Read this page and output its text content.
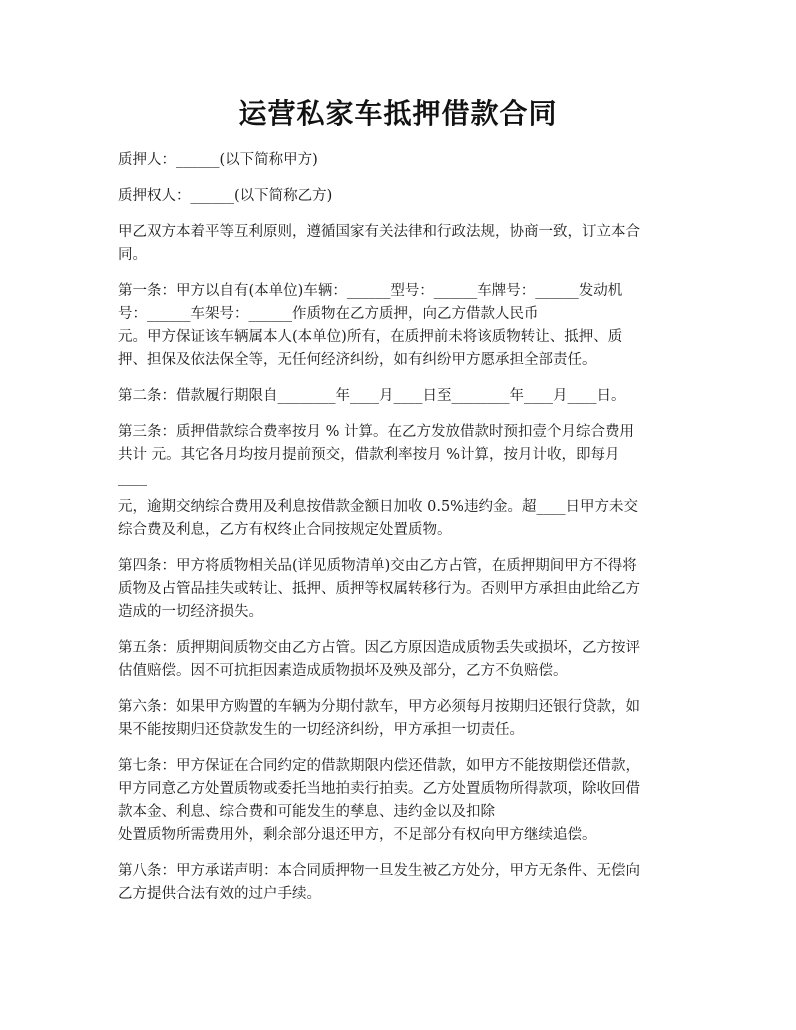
运营私家车抵押借款合同

质押人：______(以下简称甲方)

质押权人：______(以下简称乙方)

甲乙双方本着平等互利原则，遵循国家有关法律和行政法规，协商一致，订立本合
同。

第一条：甲方以自有(本单位)车辆：______型号：______车牌号：______发动机
号：______车架号：______作质物在乙方质押，向乙方借款人民币
元。甲方保证该车辆属本人(本单位)所有，在质押前未将该质物转让、抵押、质
押、担保及依法保全等，无任何经济纠纷，如有纠纷甲方愿承担全部责任。

第二条：借款履行期限自________年____月____日至________年____月____日。

第三条：质押借款综合费率按月 % 计算。在乙方发放借款时预扣壹个月综合费用
共计 元。其它各月均按月提前预交，借款利率按月 %计算，按月计收，即每月
____
元，逾期交纳综合费用及利息按借款金额日加收 0.5%违约金。超____日甲方未交
综合费及利息，乙方有权终止合同按规定处置质物。

第四条：甲方将质物相关品(详见质物清单)交由乙方占管，在质押期间甲方不得将
质物及占管品挂失或转让、抵押、质押等权属转移行为。否则甲方承担由此给乙方
造成的一切经济损失。

第五条：质押期间质物交由乙方占管。因乙方原因造成质物丢失或损坏，乙方按评
估值赔偿。因不可抗拒因素造成质物损坏及殃及部分，乙方不负赔偿。

第六条：如果甲方购置的车辆为分期付款车，甲方必须每月按期归还银行贷款，如
果不能按期归还贷款发生的一切经济纠纷，甲方承担一切责任。

第七条：甲方保证在合同约定的借款期限内偿还借款，如甲方不能按期偿还借款，
甲方同意乙方处置质物或委托当地拍卖行拍卖。乙方处置质物所得款项，除收回借
款本金、利息、综合费和可能发生的孳息、违约金以及扣除
处置质物所需费用外，剩余部分退还甲方，不足部分有权向甲方继续追偿。

第八条：甲方承诺声明：本合同质押物一旦发生被乙方处分，甲方无条件、无偿向
乙方提供合法有效的过户手续。
